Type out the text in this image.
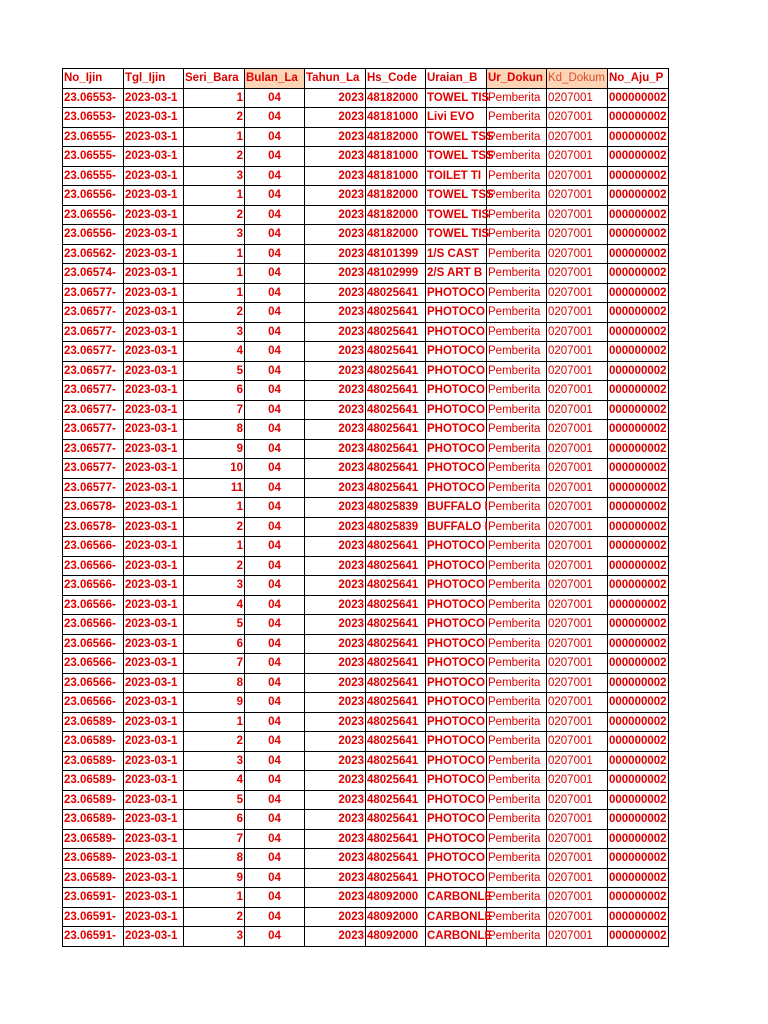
No_Ijin	Tgl_Ijin	Seri_Bara	Bulan_La	Tahun_La	Hs_Code	Uraian_B	Ur_Dokun	Kd_Dokum	No_Aju_P
23.06553-	2023-03-1	1	04	2023	48182000	TOWEL TIS	Pemberita	0207001	000000002
23.06553-	2023-03-1	2	04	2023	48181000	Livi EVO	Pemberita	0207001	000000002
23.06555-	2023-03-1	1	04	2023	48182000	TOWEL TSS	Pemberita	0207001	000000002
23.06555-	2023-03-1	2	04	2023	48181000	TOWEL TSS	Pemberita	0207001	000000002
23.06555-	2023-03-1	3	04	2023	48181000	TOILET TI	Pemberita	0207001	000000002
23.06556-	2023-03-1	1	04	2023	48182000	TOWEL TSS	Pemberita	0207001	000000002
23.06556-	2023-03-1	2	04	2023	48182000	TOWEL TIS	Pemberita	0207001	000000002
23.06556-	2023-03-1	3	04	2023	48182000	TOWEL TIS	Pemberita	0207001	000000002
23.06562-	2023-03-1	1	04	2023	48101399	1/S CAST	Pemberita	0207001	000000002
23.06574-	2023-03-1	1	04	2023	48102999	2/S ART B	Pemberita	0207001	000000002
23.06577-	2023-03-1	1	04	2023	48025641	PHOTOCO	Pemberita	0207001	000000002
23.06577-	2023-03-1	2	04	2023	48025641	PHOTOCO	Pemberita	0207001	000000002
23.06577-	2023-03-1	3	04	2023	48025641	PHOTOCO	Pemberita	0207001	000000002
23.06577-	2023-03-1	4	04	2023	48025641	PHOTOCO	Pemberita	0207001	000000002
23.06577-	2023-03-1	5	04	2023	48025641	PHOTOCO	Pemberita	0207001	000000002
23.06577-	2023-03-1	6	04	2023	48025641	PHOTOCO	Pemberita	0207001	000000002
23.06577-	2023-03-1	7	04	2023	48025641	PHOTOCO	Pemberita	0207001	000000002
23.06577-	2023-03-1	8	04	2023	48025641	PHOTOCO	Pemberita	0207001	000000002
23.06577-	2023-03-1	9	04	2023	48025641	PHOTOCO	Pemberita	0207001	000000002
23.06577-	2023-03-1	10	04	2023	48025641	PHOTOCO	Pemberita	0207001	000000002
23.06577-	2023-03-1	11	04	2023	48025641	PHOTOCO	Pemberita	0207001	000000002
23.06578-	2023-03-1	1	04	2023	48025839	BUFFALO I	Pemberita	0207001	000000002
23.06578-	2023-03-1	2	04	2023	48025839	BUFFALO I	Pemberita	0207001	000000002
23.06566-	2023-03-1	1	04	2023	48025641	PHOTOCO	Pemberita	0207001	000000002
23.06566-	2023-03-1	2	04	2023	48025641	PHOTOCO	Pemberita	0207001	000000002
23.06566-	2023-03-1	3	04	2023	48025641	PHOTOCO	Pemberita	0207001	000000002
23.06566-	2023-03-1	4	04	2023	48025641	PHOTOCO	Pemberita	0207001	000000002
23.06566-	2023-03-1	5	04	2023	48025641	PHOTOCO	Pemberita	0207001	000000002
23.06566-	2023-03-1	6	04	2023	48025641	PHOTOCO	Pemberita	0207001	000000002
23.06566-	2023-03-1	7	04	2023	48025641	PHOTOCO	Pemberita	0207001	000000002
23.06566-	2023-03-1	8	04	2023	48025641	PHOTOCO	Pemberita	0207001	000000002
23.06566-	2023-03-1	9	04	2023	48025641	PHOTOCO	Pemberita	0207001	000000002
23.06589-	2023-03-1	1	04	2023	48025641	PHOTOCO	Pemberita	0207001	000000002
23.06589-	2023-03-1	2	04	2023	48025641	PHOTOCO	Pemberita	0207001	000000002
23.06589-	2023-03-1	3	04	2023	48025641	PHOTOCO	Pemberita	0207001	000000002
23.06589-	2023-03-1	4	04	2023	48025641	PHOTOCO	Pemberita	0207001	000000002
23.06589-	2023-03-1	5	04	2023	48025641	PHOTOCO	Pemberita	0207001	000000002
23.06589-	2023-03-1	6	04	2023	48025641	PHOTOCO	Pemberita	0207001	000000002
23.06589-	2023-03-1	7	04	2023	48025641	PHOTOCO	Pemberita	0207001	000000002
23.06589-	2023-03-1	8	04	2023	48025641	PHOTOCO	Pemberita	0207001	000000002
23.06589-	2023-03-1	9	04	2023	48025641	PHOTOCO	Pemberita	0207001	000000002
23.06591-	2023-03-1	1	04	2023	48092000	CARBONLE	Pemberita	0207001	000000002
23.06591-	2023-03-1	2	04	2023	48092000	CARBONLE	Pemberita	0207001	000000002
23.06591-	2023-03-1	3	04	2023	48092000	CARBONLE	Pemberita	0207001	000000002
